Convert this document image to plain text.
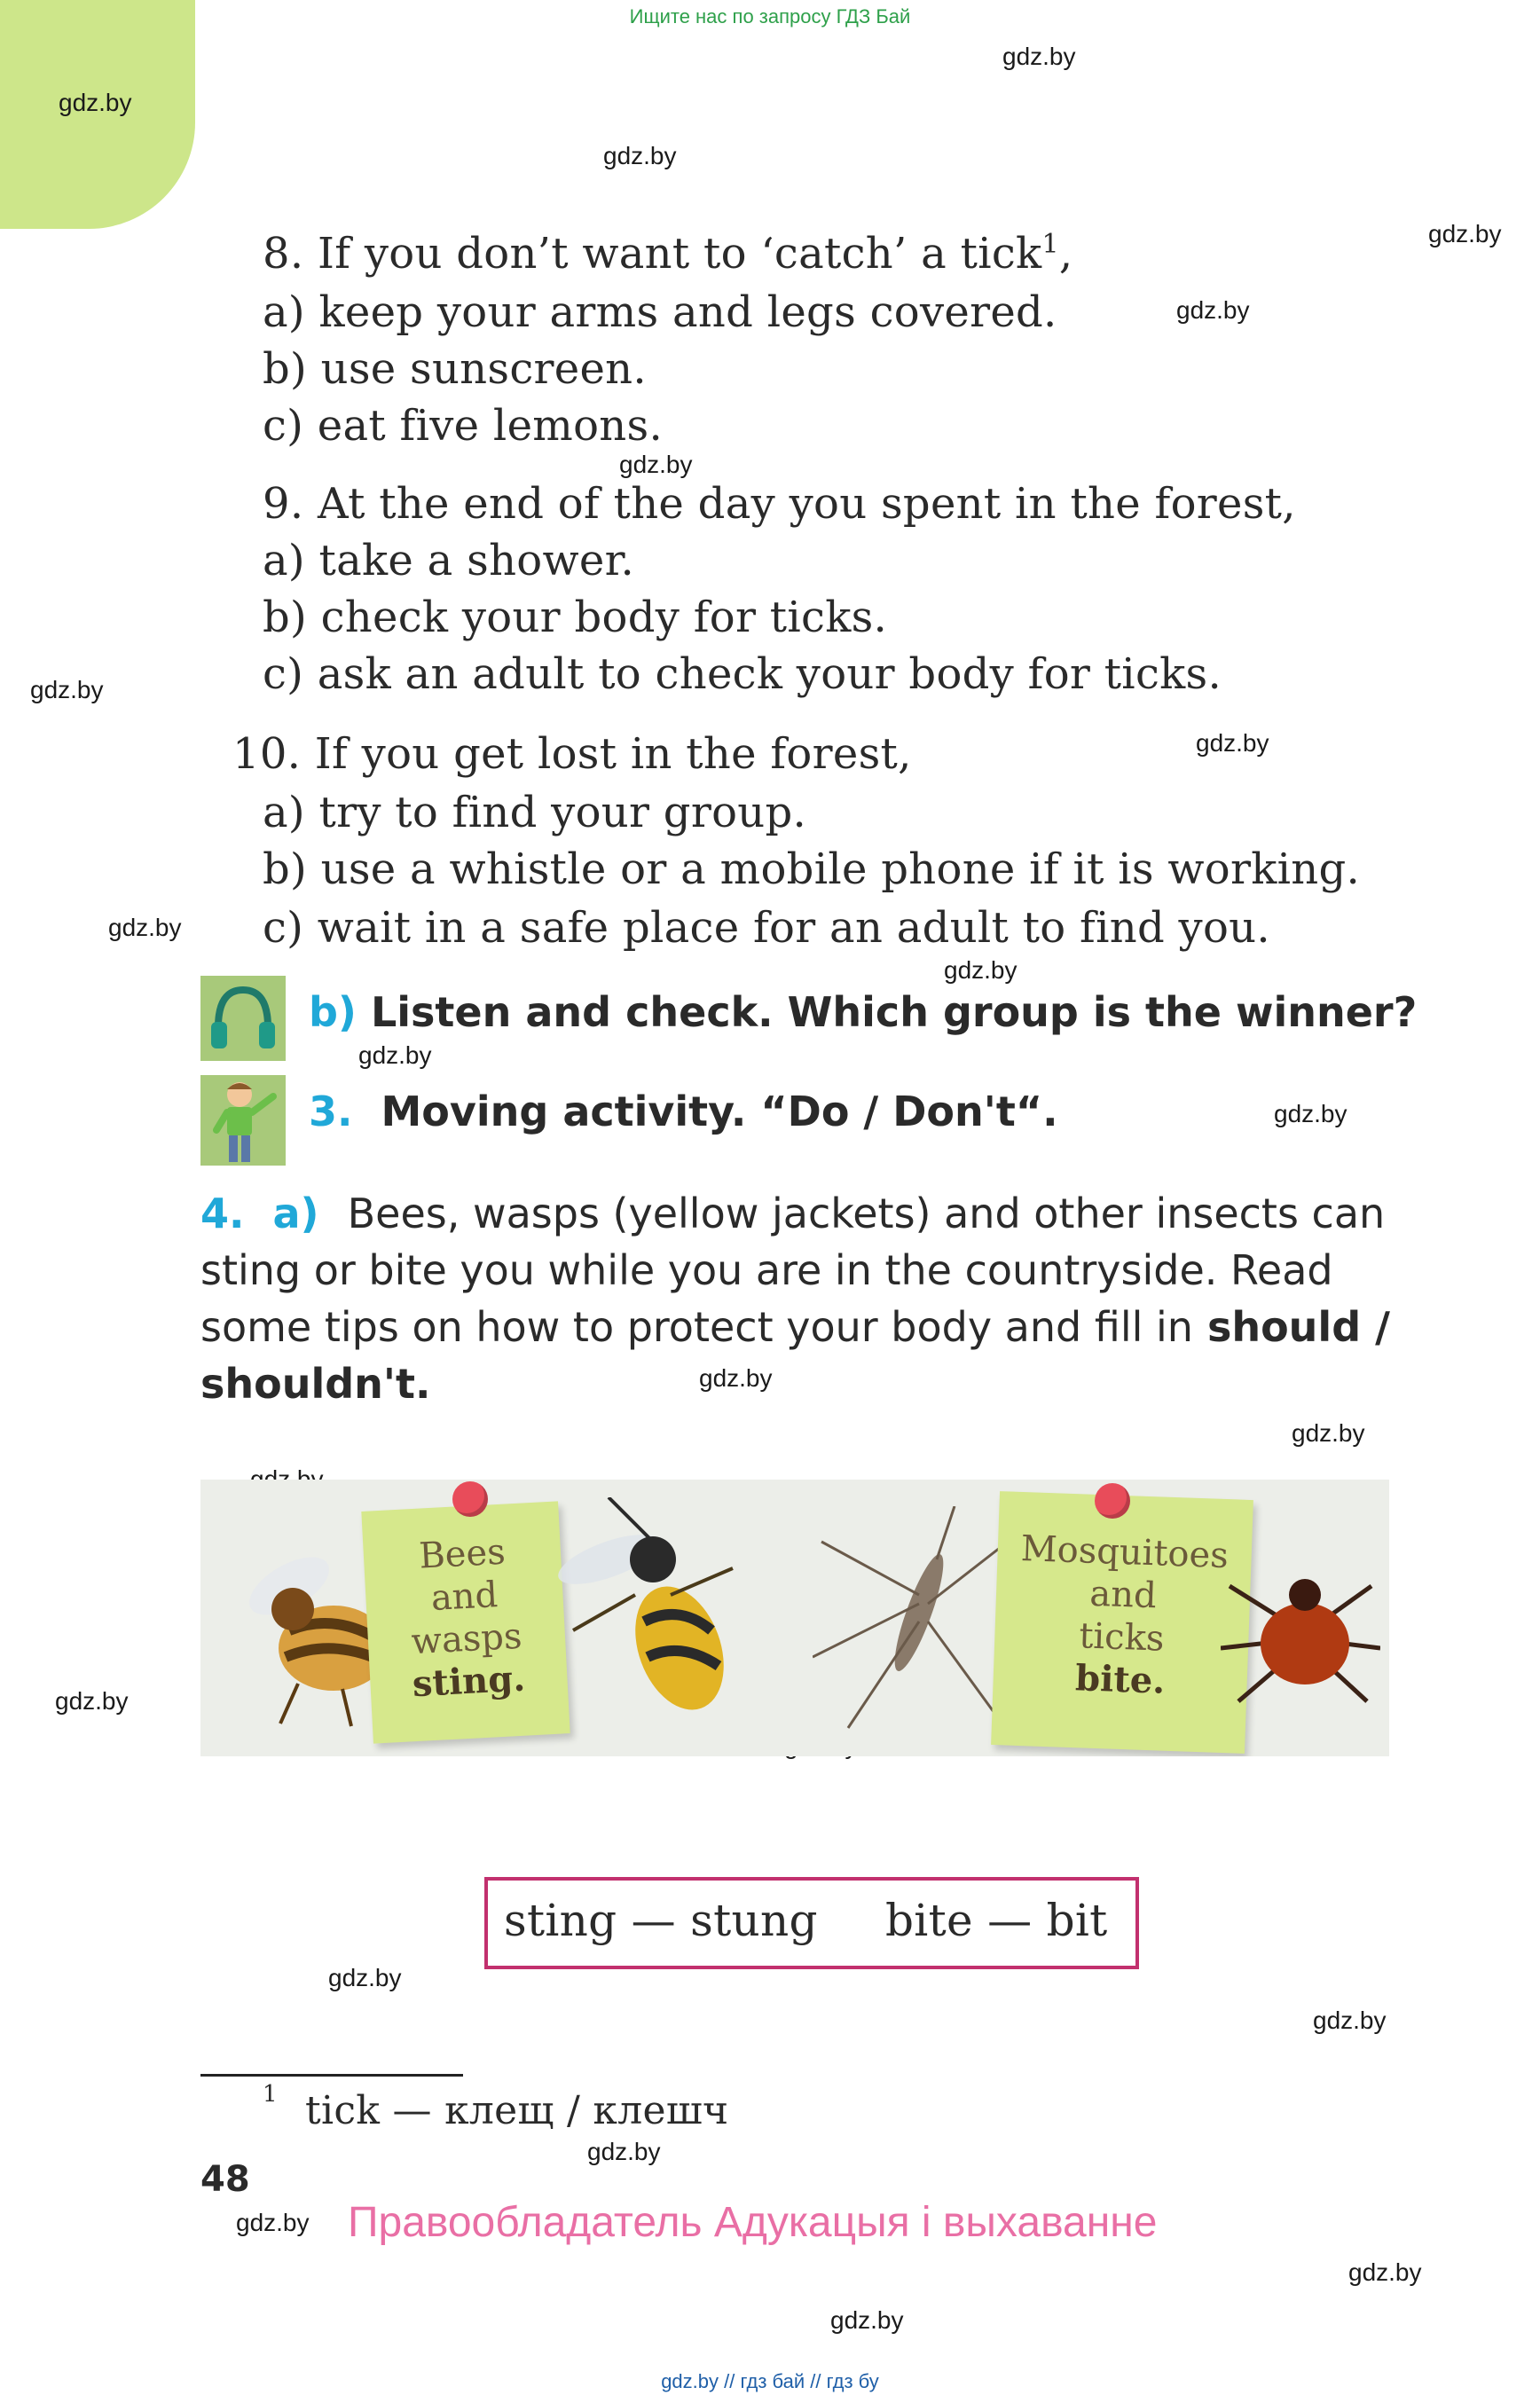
Ищите нас по запросу ГДЗ Бай
gdz.by
gdz.by
gdz.by
gdz.by
gdz.by
gdz.by
gdz.by
gdz.by
gdz.by
gdz.by
gdz.by
gdz.by
gdz.by
gdz.by
gdz.by
gdz.by
gdz.by
gdz.by
gdz.by
gdz.by
gdz.by
8. If you don’t want to ‘catch’ a tick$^1$,
a) keep your arms and legs covered.
b) use sunscreen.
c) eat five lemons.
9. At the end of the day you spent in the forest,
a) take a shower.
b) check your body for ticks.
c) ask an adult to check your body for ticks.
10. If you get lost in the forest,
a) try to find your group.
b) use a whistle or a mobile phone if it is working.
c) wait in a safe place for an adult to find you.
b) Listen and check. Which group is the winner?
3. Moving activity. “Do / Don't“.
4. a) Bees, wasps (yellow jackets) and other insects can
sting or bite you while you are in the countryside. Read
some tips on how to protect your body and fill in should /
shouldn't.
Bees
and
wasps
sting.
Mosquitoes
and
ticks
bite.
sting — stung bite — bit
1 tick — клещ / клешч
48
Правообладатель Адукацыя і выхаванне
gdz.by // гдз бай // гдз бу
